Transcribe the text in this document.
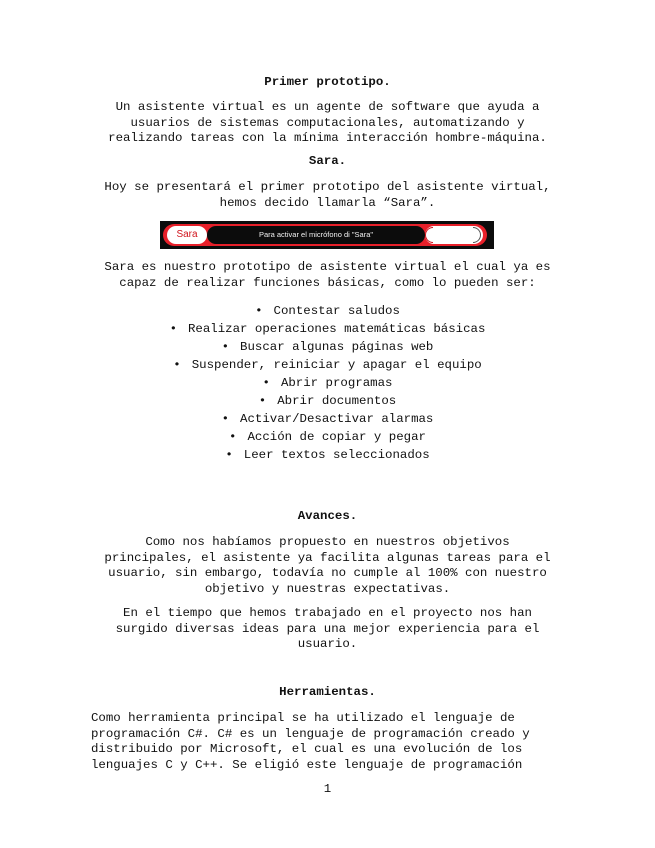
Primer prototipo.
Un asistente virtual es un agente de software que ayuda a
usuarios de sistemas computacionales, automatizando y
realizando tareas con la mínima interacción hombre-máquina.
Sara.
Hoy se presentará el primer prototipo del asistente virtual,
hemos decido llamarla “Sara”.
Sara	Para activar el micrófono di "Sara"
Sara es nuestro prototipo de asistente virtual el cual ya es
capaz de realizar funciones básicas, como lo pueden ser:
• Contestar saludos
• Realizar operaciones matemáticas básicas
• Buscar algunas páginas web
• Suspender, reiniciar y apagar el equipo
• Abrir programas
• Abrir documentos
• Activar/Desactivar alarmas
• Acción de copiar y pegar
• Leer textos seleccionados
Avances.
Como nos habíamos propuesto en nuestros objetivos
principales, el asistente ya facilita algunas tareas para el
usuario, sin embargo, todavía no cumple al 100% con nuestro
objetivo y nuestras expectativas.
En el tiempo que hemos trabajado en el proyecto nos han
surgido diversas ideas para una mejor experiencia para el
usuario.
Herramientas.
Como herramienta principal se ha utilizado el lenguaje de
programación C#. C# es un lenguaje de programación creado y
distribuido por Microsoft, el cual es una evolución de los
lenguajes C y C++. Se eligió este lenguaje de programación
1
